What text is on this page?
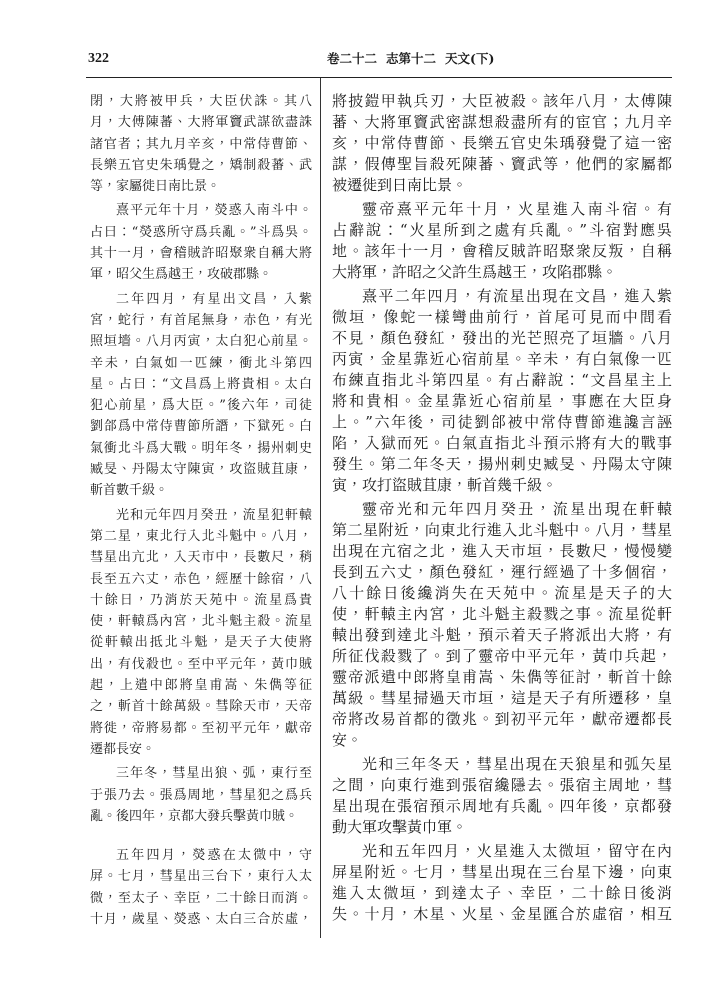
322	卷二十二 志第十二 天文(下)
閉，大將被甲兵，大臣伏誅。其八
月，大傅陳蕃、大將軍竇武謀欲盡誅
諸官者；其九月辛亥，中常侍曹節、
長樂五官史朱瑀覺之，矯制殺蕃、武
等，家屬徙日南比景。
熹平元年十月，熒惑入南斗中。
占曰：“熒惑所守爲兵亂。”斗爲吳。
其十一月，會稽賊許昭聚衆自稱大將
軍，昭父生爲越王，攻破郡縣。
二年四月，有星出文昌，入紫
宮，蛇行，有首尾無身，赤色，有光
照垣墻。八月丙寅，太白犯心前星。
辛未，白氣如一匹練，衝北斗第四
星。占曰：“文昌爲上將貴相。太白
犯心前星，爲大臣。”後六年，司徒
劉郃爲中常侍曹節所譖，下獄死。白
氣衝北斗爲大戰。明年冬，揚州刺史
臧旻、丹陽太守陳寅，攻盜賊苴康，
斬首數千級。
光和元年四月癸丑，流星犯軒轅
第二星，東北行入北斗魁中。八月，
彗星出亢北，入天市中，長數尺，稍
長至五六丈，赤色，經歷十餘宿，八
十餘日，乃消於天苑中。流星爲貴
使，軒轅爲內宮，北斗魁主殺。流星
從軒轅出抵北斗魁，是天子大使將
出，有伐殺也。至中平元年，黃巾賊
起，上遣中郎將皇甫嵩、朱儁等征
之，斬首十餘萬級。彗除天市，天帝
將徙，帝將易都。至初平元年，獻帝
遷都長安。
三年冬，彗星出狼、弧，東行至
于張乃去。張爲周地，彗星犯之爲兵
亂。後四年，京都大發兵擊黃巾賊。
五年四月，熒惑在太微中，守
屏。七月，彗星出三台下，東行入太
微，至太子、幸臣，二十餘日而消。
十月，歲星、熒惑、太白三合於虛，
將披鎧甲執兵刃，大臣被殺。該年八月，太傅陳
蕃、大將軍竇武密謀想殺盡所有的宦官；九月辛
亥，中常侍曹節、長樂五官史朱瑀發覺了這一密
謀，假傳聖旨殺死陳蕃、竇武等，他們的家屬都
被遷徙到日南比景。
靈帝熹平元年十月，火星進入南斗宿。有
占辭說：“火星所到之處有兵亂。”斗宿對應吳
地。該年十一月，會稽反賊許昭聚衆反叛，自稱
大將軍，許昭之父許生爲越王，攻陷郡縣。
熹平二年四月，有流星出現在文昌，進入紫
微垣，像蛇一樣彎曲前行，首尾可見而中間看
不見，顏色發紅，發出的光芒照亮了垣牆。八月
丙寅，金星靠近心宿前星。辛未，有白氣像一匹
布練直指北斗第四星。有占辭說：“文昌星主上
將和貴相。金星靠近心宿前星，事應在大臣身
上。”六年後，司徒劉郃被中常侍曹節進讒言誣
陷，入獄而死。白氣直指北斗預示將有大的戰事
發生。第二年冬天，揚州刺史臧旻、丹陽太守陳
寅，攻打盜賊苴康，斬首幾千級。
靈帝光和元年四月癸丑，流星出現在軒轅
第二星附近，向東北行進入北斗魁中。八月，彗星
出現在亢宿之北，進入天市垣，長數尺，慢慢變
長到五六丈，顏色發紅，運行經過了十多個宿，
八十餘日後纔消失在天苑中。流星是天子的大
使，軒轅主內宮，北斗魁主殺戮之事。流星從軒
轅出發到達北斗魁，預示着天子將派出大將，有
所征伐殺戮了。到了靈帝中平元年，黃巾兵起，
靈帝派遣中郎將皇甫嵩、朱儁等征討，斬首十餘
萬級。彗星掃過天市垣，這是天子有所遷移，皇
帝將改易首都的徵兆。到初平元年，獻帝遷都長
安。
光和三年冬天，彗星出現在天狼星和弧矢星
之間，向東行進到張宿纔隱去。張宿主周地，彗
星出現在張宿預示周地有兵亂。四年後，京都發
動大軍攻擊黃巾軍。
光和五年四月，火星進入太微垣，留守在內
屏星附近。七月，彗星出現在三台星下邊，向東
進入太微垣，到達太子、幸臣，二十餘日後消
失。十月，木星、火星、金星匯合於虛宿，相互
